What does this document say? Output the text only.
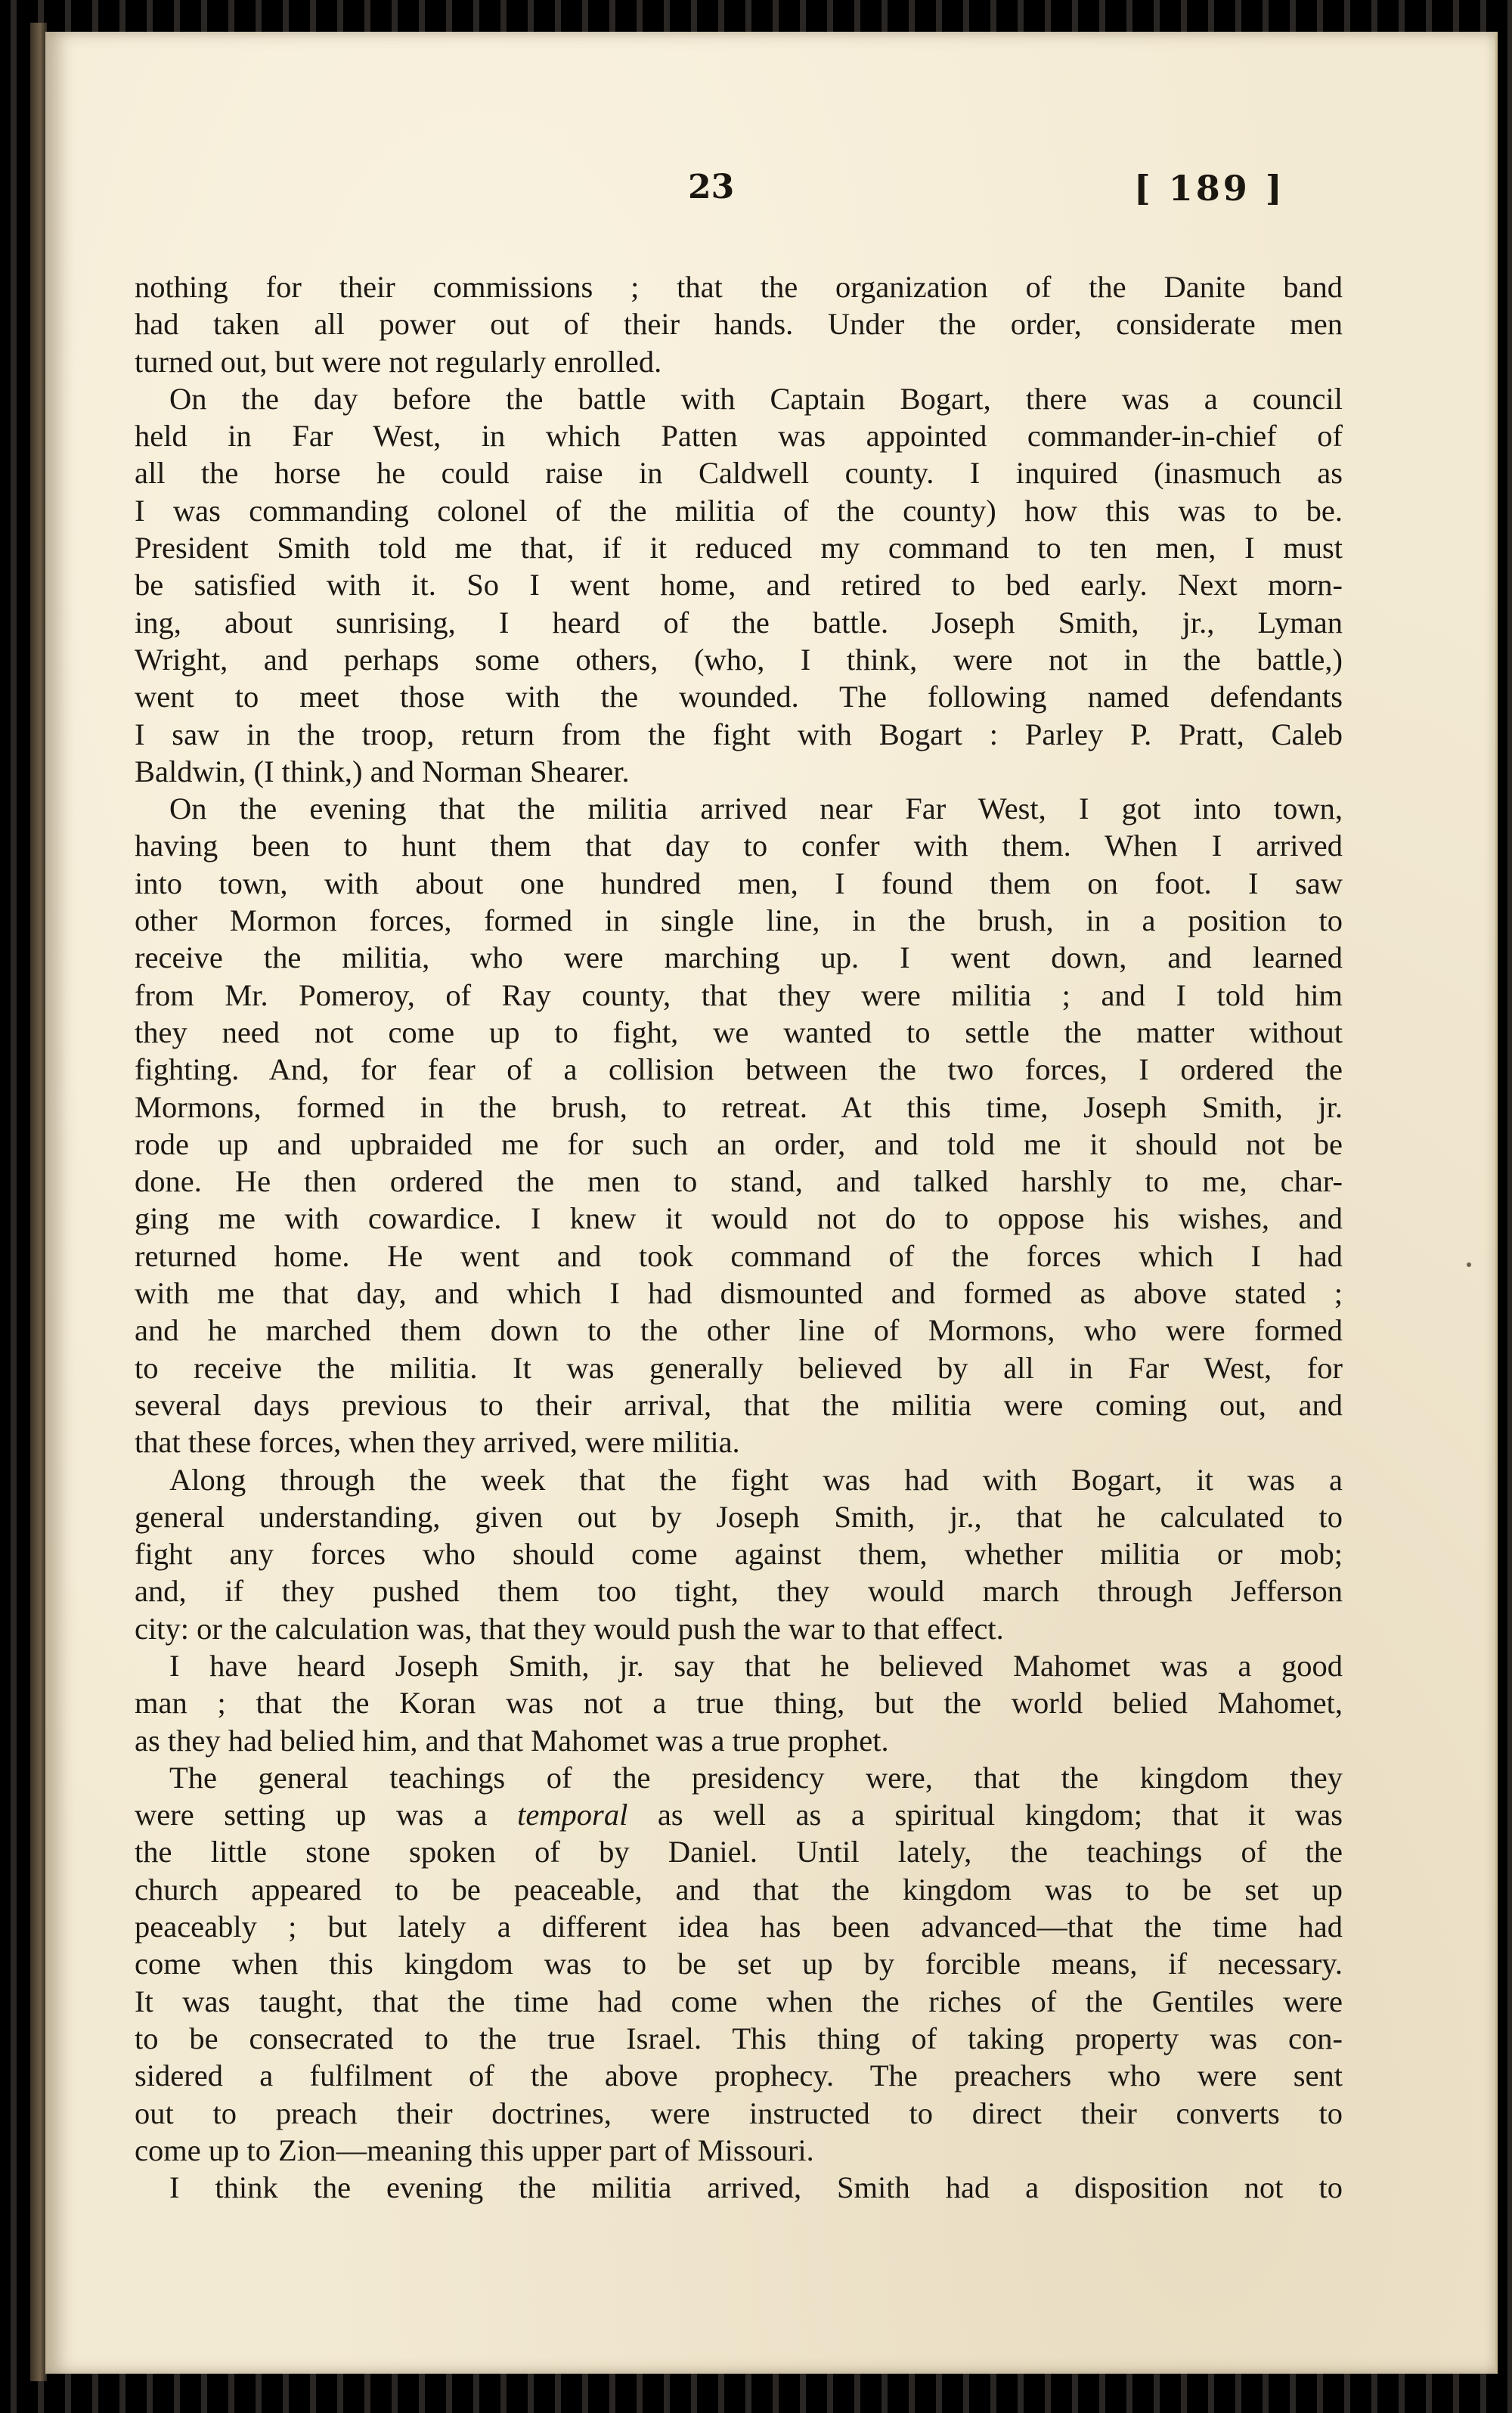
23	[ 189 ]
nothing for their commissions ; that the organization of the Danite band
had taken all power out of their hands. Under the order, considerate men
turned out, but were not regularly enrolled.
On the day before the battle with Captain Bogart, there was a council
held in Far West, in which Patten was appointed commander-in-chief of
all the horse he could raise in Caldwell county. I inquired (inasmuch as
I was commanding colonel of the militia of the county) how this was to be.
President Smith told me that, if it reduced my command to ten men, I must
be satisfied with it. So I went home, and retired to bed early. Next morn-
ing, about sunrising, I heard of the battle. Joseph Smith, jr., Lyman
Wright, and perhaps some others, (who, I think, were not in the battle,)
went to meet those with the wounded. The following named defendants
I saw in the troop, return from the fight with Bogart : Parley P. Pratt, Caleb
Baldwin, (I think,) and Norman Shearer.
On the evening that the militia arrived near Far West, I got into town,
having been to hunt them that day to confer with them. When I arrived
into town, with about one hundred men, I found them on foot. I saw
other Mormon forces, formed in single line, in the brush, in a position to
receive the militia, who were marching up. I went down, and learned
from Mr. Pomeroy, of Ray county, that they were militia ; and I told him
they need not come up to fight, we wanted to settle the matter without
fighting. And, for fear of a collision between the two forces, I ordered the
Mormons, formed in the brush, to retreat. At this time, Joseph Smith, jr.
rode up and upbraided me for such an order, and told me it should not be
done. He then ordered the men to stand, and talked harshly to me, char-
ging me with cowardice. I knew it would not do to oppose his wishes, and
returned home. He went and took command of the forces which I had
with me that day, and which I had dismounted and formed as above stated ;
and he marched them down to the other line of Mormons, who were formed
to receive the militia. It was generally believed by all in Far West, for
several days previous to their arrival, that the militia were coming out, and
that these forces, when they arrived, were militia.
Along through the week that the fight was had with Bogart, it was a
general understanding, given out by Joseph Smith, jr., that he calculated to
fight any forces who should come against them, whether militia or mob;
and, if they pushed them too tight, they would march through Jefferson
city: or the calculation was, that they would push the war to that effect.
I have heard Joseph Smith, jr. say that he believed Mahomet was a good
man ; that the Koran was not a true thing, but the world belied Mahomet,
as they had belied him, and that Mahomet was a true prophet.
The general teachings of the presidency were, that the kingdom they
were setting up was a temporal as well as a spiritual kingdom; that it was
the little stone spoken of by Daniel. Until lately, the teachings of the
church appeared to be peaceable, and that the kingdom was to be set up
peaceably ; but lately a different idea has been advanced—that the time had
come when this kingdom was to be set up by forcible means, if necessary.
It was taught, that the time had come when the riches of the Gentiles were
to be consecrated to the true Israel. This thing of taking property was con-
sidered a fulfilment of the above prophecy. The preachers who were sent
out to preach their doctrines, were instructed to direct their converts to
come up to Zion—meaning this upper part of Missouri.
I think the evening the militia arrived, Smith had a disposition not to
